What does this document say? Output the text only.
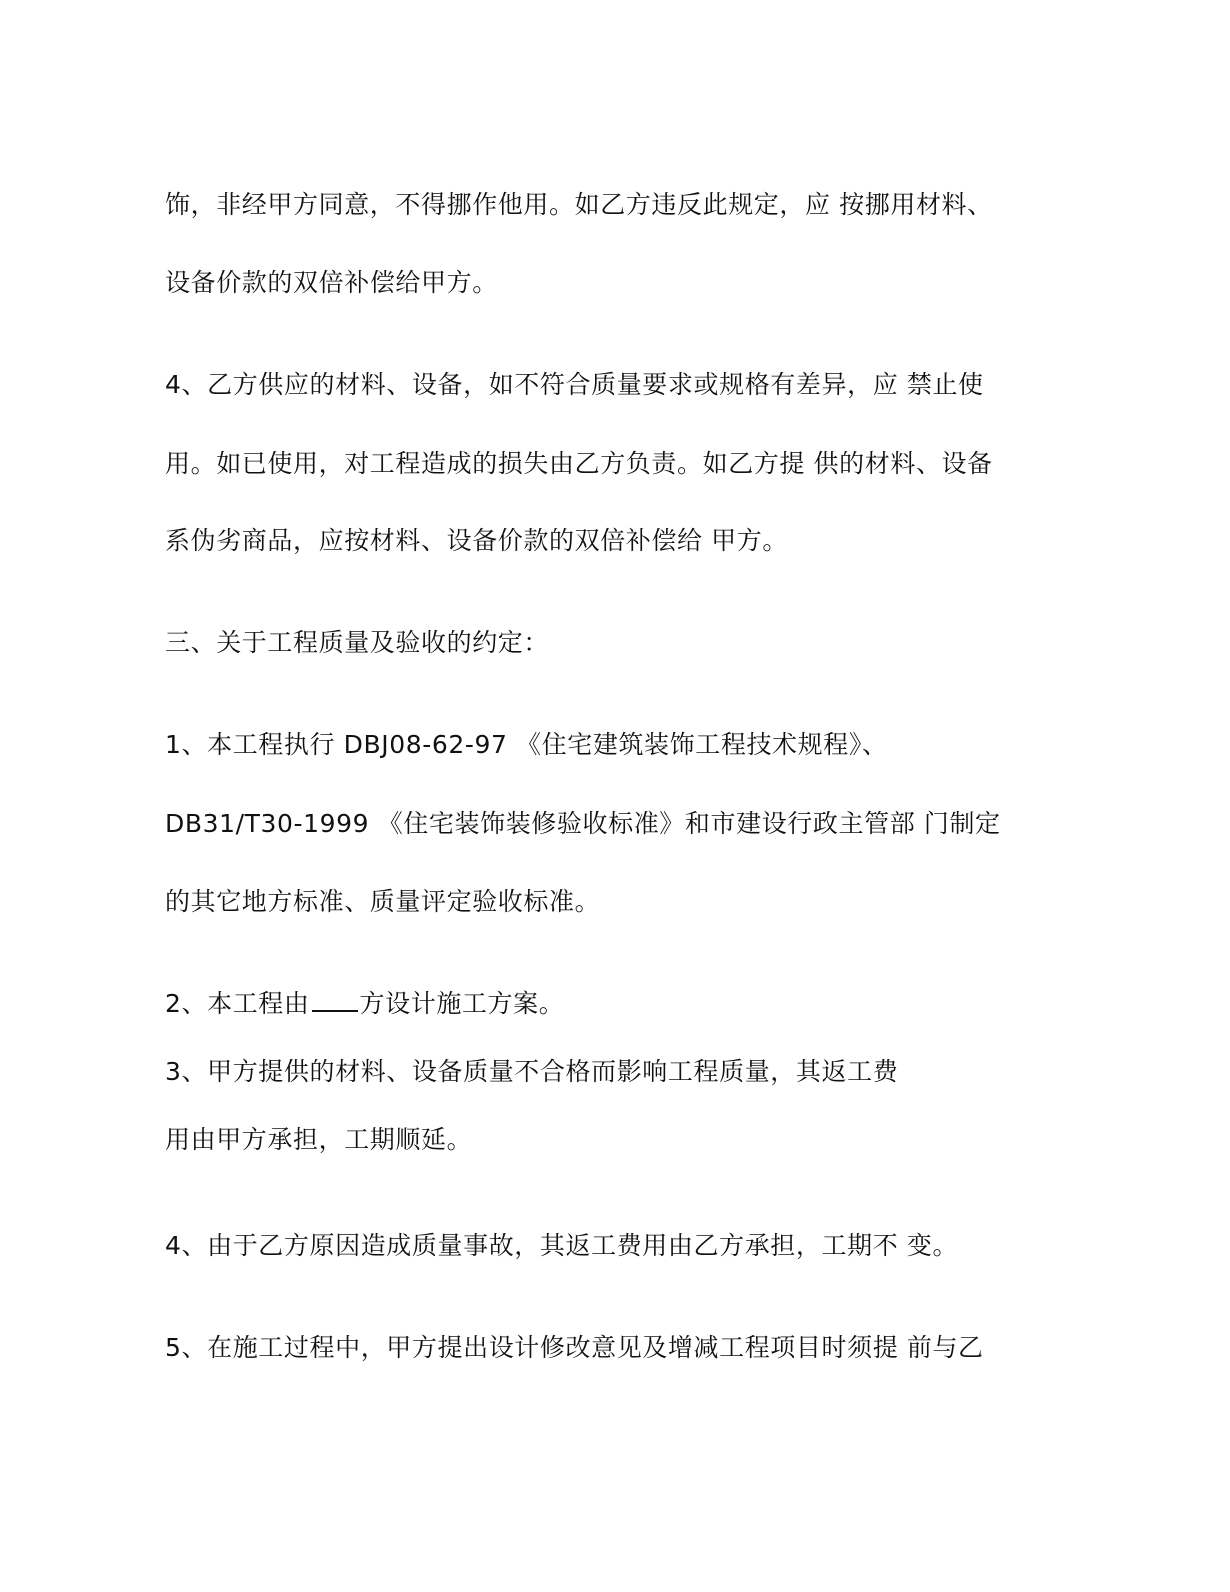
饰，非经甲方同意，不得挪作他用。如乙方违反此规定，应 按挪用材料、

设备价款的双倍补偿给甲方。

4、乙方供应的材料、设备，如不符合质量要求或规格有差异，应 禁止使

用。如已使用，对工程造成的损失由乙方负责。如乙方提 供的材料、设备

系伪劣商品，应按材料、设备价款的双倍补偿给 甲方。

三、关于工程质量及验收的约定：

1、本工程执行 DBJ08-62-97 《住宅建筑装饰工程技术规程》、

DB31/T30-1999 《住宅装饰装修验收标准》和市建设行政主管部 门制定

的其它地方标准、质量评定验收标准。

2、本工程由 方设计施工方案。

3、甲方提供的材料、设备质量不合格而影响工程质量，其返工费

用由甲方承担，工期顺延。

4、由于乙方原因造成质量事故，其返工费用由乙方承担，工期不 变。

5、在施工过程中，甲方提出设计修改意见及增减工程项目时须提 前与乙
